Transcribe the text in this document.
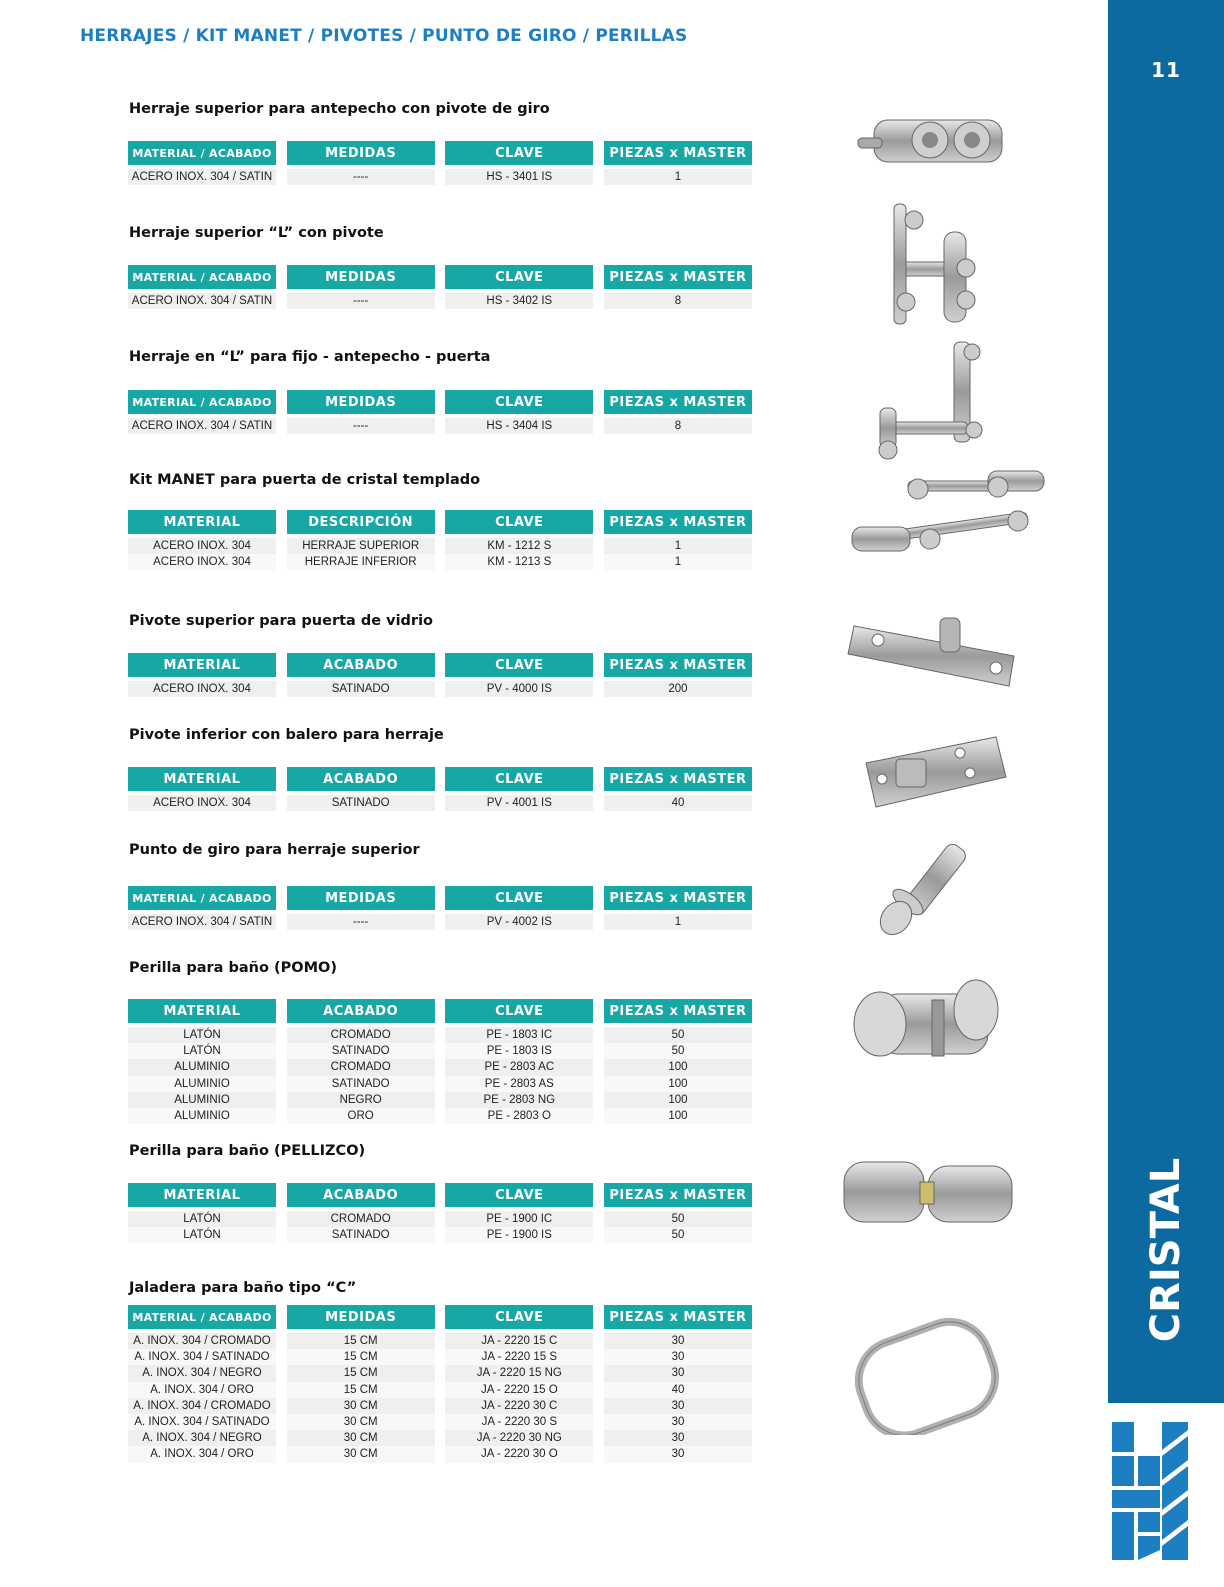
HERRAJES / KIT MANET / PIVOTES / PUNTO DE GIRO / PERILLAS
11
CRISTAL
Herraje superior para antepecho con pivote de giro
MATERIAL / ACABADO	MEDIDAS	CLAVE	PIEZAS x MASTER
ACERO INOX. 304 / SATIN	----	HS - 3401 IS	1
Herraje superior “L” con pivote
MATERIAL / ACABADO	MEDIDAS	CLAVE	PIEZAS x MASTER
ACERO INOX. 304 / SATIN	----	HS - 3402 IS	8
Herraje en “L” para fijo - antepecho - puerta
MATERIAL / ACABADO	MEDIDAS	CLAVE	PIEZAS x MASTER
ACERO INOX. 304 / SATIN	----	HS - 3404 IS	8
Kit MANET para puerta de cristal templado
MATERIAL	DESCRIPCIÓN	CLAVE	PIEZAS x MASTER
ACERO INOX. 304	HERRAJE SUPERIOR	KM - 1212 S	1
ACERO INOX. 304	HERRAJE INFERIOR	KM - 1213 S	1
Pivote superior para puerta de vidrio
MATERIAL	ACABADO	CLAVE	PIEZAS x MASTER
ACERO INOX. 304	SATINADO	PV - 4000 IS	200
Pivote inferior con balero para herraje
MATERIAL	ACABADO	CLAVE	PIEZAS x MASTER
ACERO INOX. 304	SATINADO	PV - 4001 IS	40
Punto de giro para herraje superior
MATERIAL / ACABADO	MEDIDAS	CLAVE	PIEZAS x MASTER
ACERO INOX. 304 / SATIN	----	PV - 4002 IS	1
Perilla para baño (POMO)
MATERIAL	ACABADO	CLAVE	PIEZAS x MASTER
LATÓN	CROMADO	PE - 1803 IC	50
LATÓN	SATINADO	PE - 1803 IS	50
ALUMINIO	CROMADO	PE - 2803 AC	100
ALUMINIO	SATINADO	PE - 2803 AS	100
ALUMINIO	NEGRO	PE - 2803 NG	100
ALUMINIO	ORO	PE - 2803 O	100
Perilla para baño (PELLIZCO)
MATERIAL	ACABADO	CLAVE	PIEZAS x MASTER
LATÓN	CROMADO	PE - 1900 IC	50
LATÓN	SATINADO	PE - 1900 IS	50
Jaladera para baño tipo “C”
MATERIAL / ACABADO	MEDIDAS	CLAVE	PIEZAS x MASTER
A. INOX. 304 / CROMADO	15 CM	JA - 2220 15 C	30
A. INOX. 304 / SATINADO	15 CM	JA - 2220 15 S	30
A. INOX. 304 / NEGRO	15 CM	JA - 2220 15 NG	30
A. INOX. 304 / ORO	15 CM	JA - 2220 15 O	40
A. INOX. 304 / CROMADO	30 CM	JA - 2220 30 C	30
A. INOX. 304 / SATINADO	30 CM	JA - 2220 30 S	30
A. INOX. 304 / NEGRO	30 CM	JA - 2220 30 NG	30
A. INOX. 304 / ORO	30 CM	JA - 2220 30 O	30
